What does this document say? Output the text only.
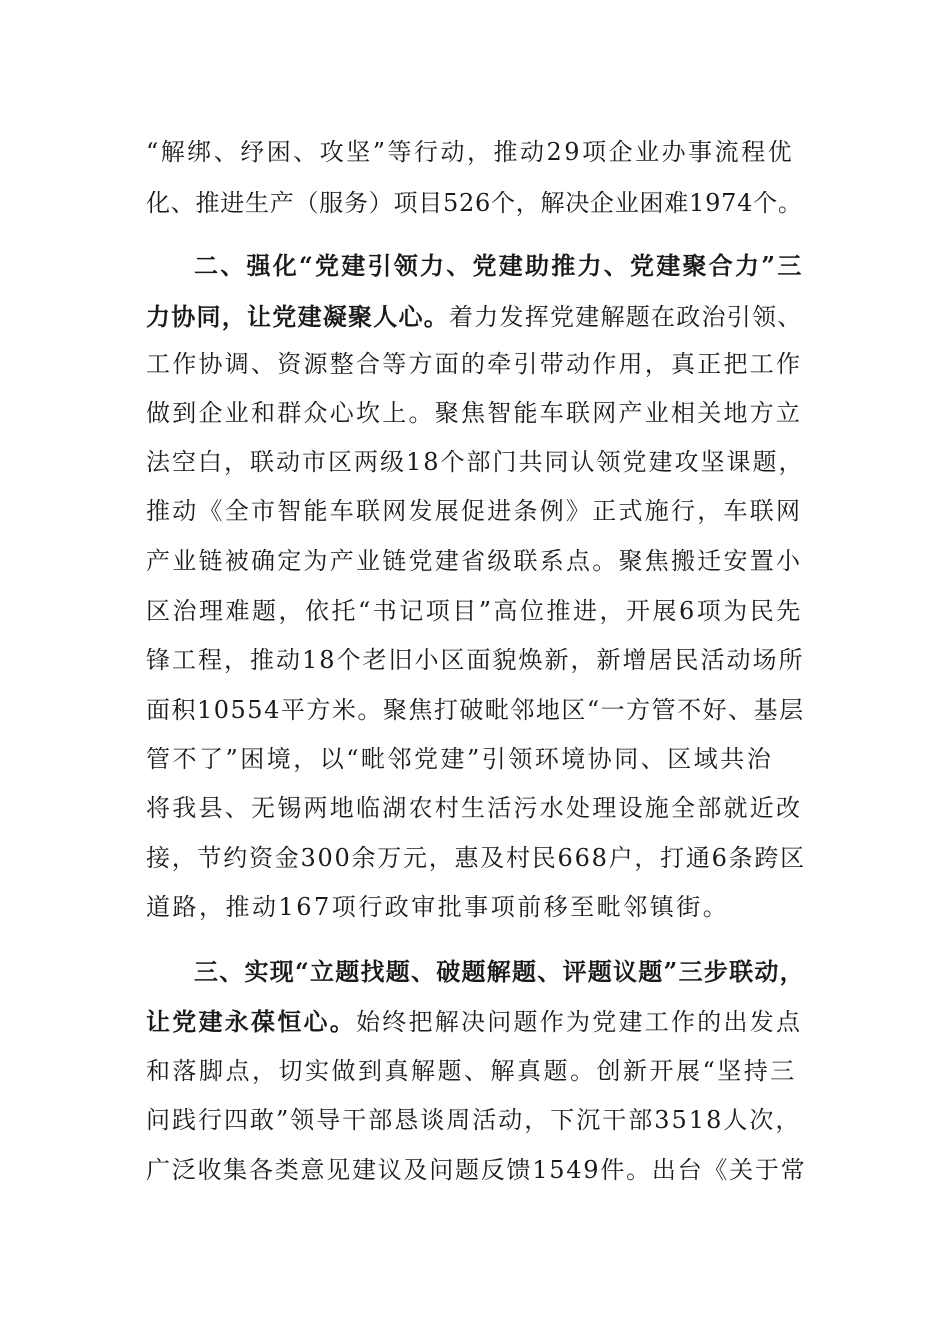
“解绑、纾困、攻坚”等行动，推动29项企业办事流程优
化、推进生产（服务）项目526个，解决企业困难1974个。
二、强化“党建引领力、党建助推力、党建聚合力”三
力协同，让党建凝聚人心。着力发挥党建解题在政治引领、
工作协调、资源整合等方面的牵引带动作用，真正把工作
做到企业和群众心坎上。聚焦智能车联网产业相关地方立
法空白，联动市区两级18个部门共同认领党建攻坚课题，
推动《全市智能车联网发展促进条例》正式施行，车联网
产业链被确定为产业链党建省级联系点。聚焦搬迁安置小
区治理难题，依托“书记项目”高位推进，开展6项为民先
锋工程，推动18个老旧小区面貌焕新，新增居民活动场所
面积10554平方米。聚焦打破毗邻地区“一方管不好、基层
管不了”困境，以“毗邻党建”引领环境协同、区域共治
将我县、无锡两地临湖农村生活污水处理设施全部就近改
接，节约资金300余万元，惠及村民668户，打通6条跨区
道路，推动167项行政审批事项前移至毗邻镇街。
三、实现“立题找题、破题解题、评题议题”三步联动，
让党建永葆恒心。始终把解决问题作为党建工作的出发点
和落脚点，切实做到真解题、解真题。创新开展“坚持三
问践行四敢”领导干部恳谈周活动，下沉干部3518人次，
广泛收集各类意见建议及问题反馈1549件。出台《关于常
